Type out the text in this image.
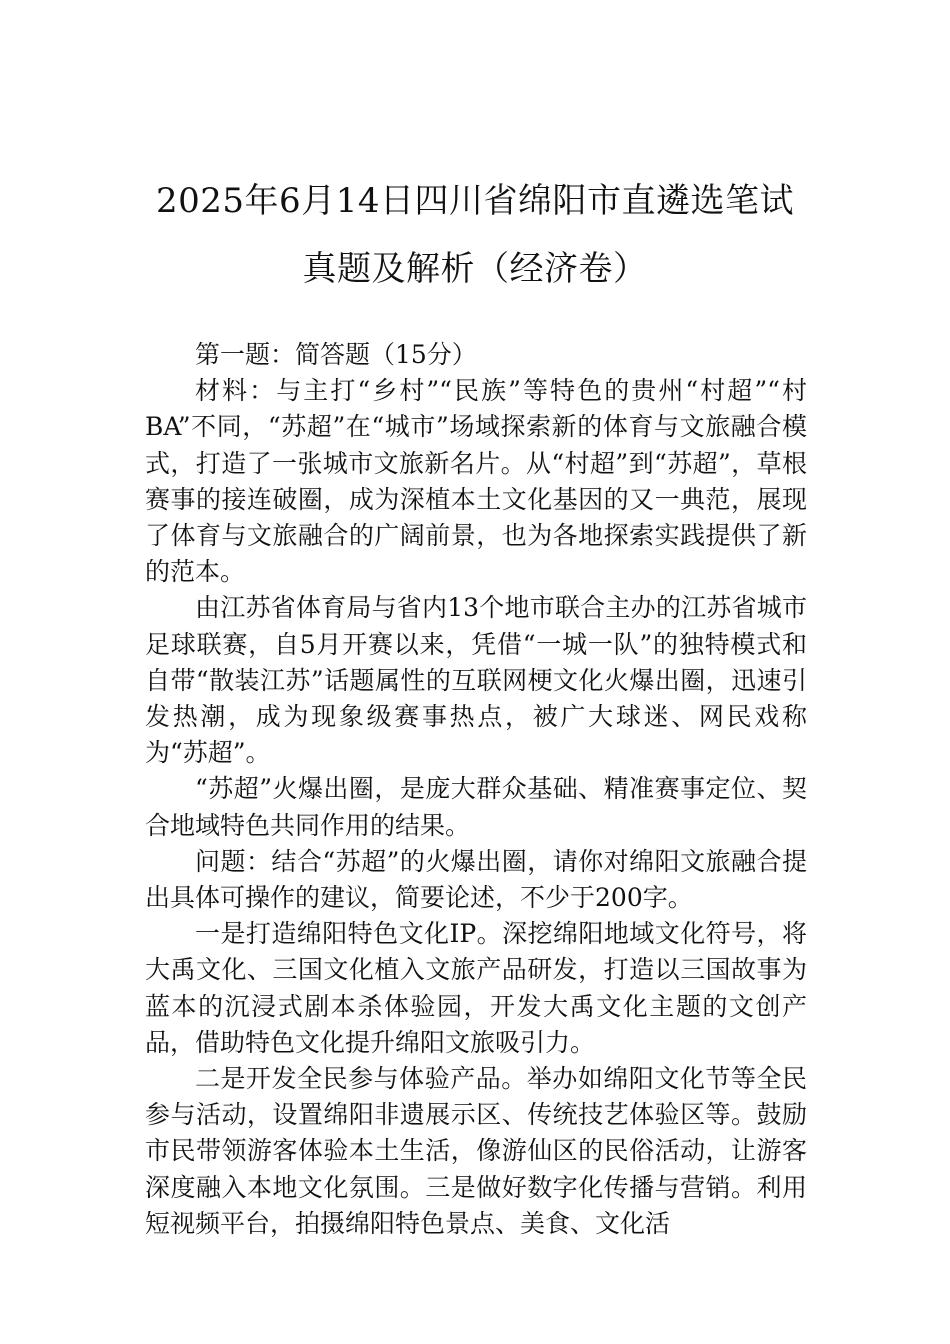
2025年6月14日四川省绵阳市直遴选笔试
真题及解析（经济卷）

第一题：简答题（15分）

材料：与主打“乡村”“民族”等特色的贵州“村超”“村BA”不同，“苏超”在“城市”场域探索新的体育与文旅融合模式，打造了一张城市文旅新名片。从“村超”到“苏超”，草根赛事的接连破圈，成为深植本土文化基因的又一典范，展现了体育与文旅融合的广阔前景，也为各地探索实践提供了新的范本。

由江苏省体育局与省内13个地市联合主办的江苏省城市足球联赛，自5月开赛以来，凭借“一城一队”的独特模式和自带“散装江苏”话题属性的互联网梗文化火爆出圈，迅速引发热潮，成为现象级赛事热点，被广大球迷、网民戏称为“苏超”。

“苏超”火爆出圈，是庞大群众基础、精准赛事定位、契合地域特色共同作用的结果。

问题：结合“苏超”的火爆出圈，请你对绵阳文旅融合提出具体可操作的建议，简要论述，不少于200字。

一是打造绵阳特色文化IP。深挖绵阳地域文化符号，将大禹文化、三国文化植入文旅产品研发，打造以三国故事为蓝本的沉浸式剧本杀体验园，开发大禹文化主题的文创产品，借助特色文化提升绵阳文旅吸引力。

二是开发全民参与体验产品。举办如绵阳文化节等全民参与活动，设置绵阳非遗展示区、传统技艺体验区等。鼓励市民带领游客体验本土生活，像游仙区的民俗活动，让游客深度融入本地文化氛围。三是做好数字化传播与营销。利用短视频平台，拍摄绵阳特色景点、美食、文化活
